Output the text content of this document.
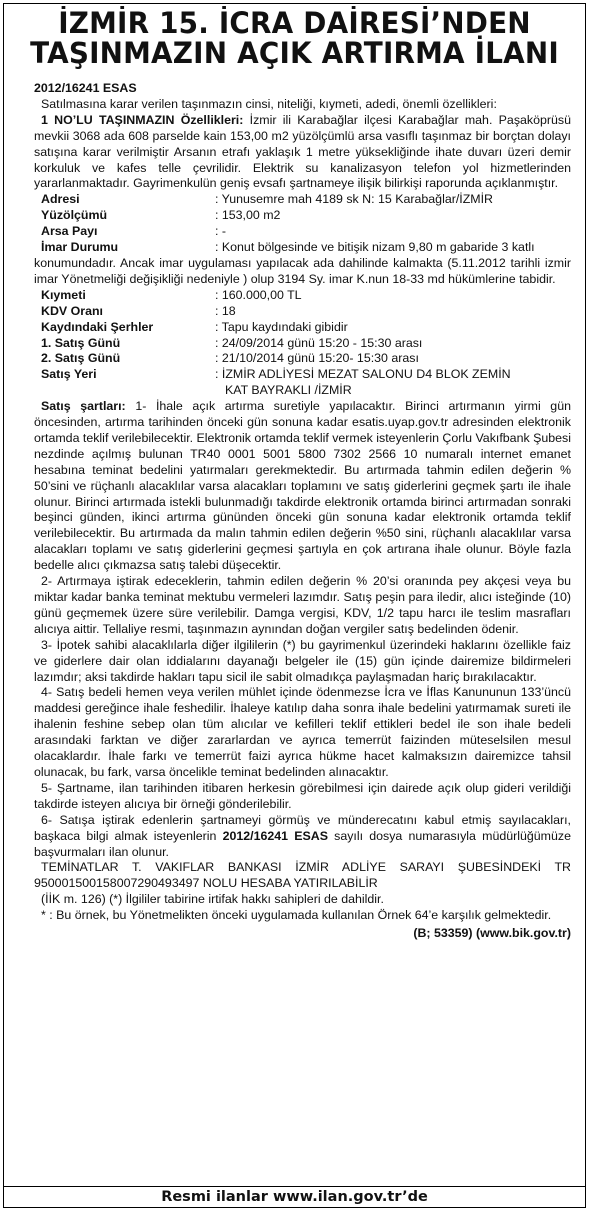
İZMİR 15. İCRA DAİRESİ’NDEN
TAŞINMAZIN AÇIK ARTIRMA İLANI

2012/16241 ESAS

Satılmasına karar verilen taşınmazın cinsi, niteliği, kıymeti, adedi, önemli özellikleri:

1 NO’LU TAŞINMAZIN Özellikleri: İzmir ili Karabağlar ilçesi Karabağlar mah. Paşaköprüsü mevkii 3068 ada 608 parselde kain 153,00 m2 yüzölçümlü arsa vasıflı taşınmaz bir borçtan dolayı satışına karar verilmiştir Arsanın etrafı yaklaşık 1 metre yüksekliğinde ihate duvarı üzeri demir korkuluk ve kafes telle çevrilidir. Elektrik su kanalizasyon telefon yol hizmetlerinden yararlanmaktadır. Gayrimenkulün geniş evsafı şartnameye ilişik bilirkişi raporunda açıklanmıştır.

Adresi	: Yunusemre mah 4189 sk N: 15 Karabağlar/İZMİR
Yüzölçümü	: 153,00 m2
Arsa Payı	: -
İmar Durumu	: Konut bölgesinde ve bitişik nizam 9,80 m gabaride 3 katlı

konumundadır. Ancak imar uygulaması yapılacak ada dahilinde kalmakta (5.11.2012 tarihli izmir imar Yönetmeliği değişikliği nedeniyle ) olup 3194 Sy. imar K.nun 18-33 md hükümlerine tabidir.

Kıymeti	: 160.000,00 TL
KDV Oranı	: 18
Kaydındaki Şerhler	: Tapu kaydındaki gibidir
1. Satış Günü	: 24/09/2014 günü 15:20 - 15:30 arası
2. Satış Günü	: 21/10/2014 günü 15:20- 15:30 arası
Satış Yeri	: İZMİR ADLİYESİ MEZAT SALONU D4 BLOK ZEMİN
KAT BAYRAKLI /İZMİR

Satış şartları: 1- İhale açık artırma suretiyle yapılacaktır. Birinci artırmanın yirmi gün öncesinden, artırma tarihinden önceki gün sonuna kadar esatis.uyap.gov.tr adresinden elektronik ortamda teklif verilebilecektir. Elektronik ortamda teklif vermek isteyenlerin Çorlu Vakıfbank Şubesi nezdinde açılmış bulunan TR40 0001 5001 5800 7302 2566 10 numaralı internet emanet hesabına teminat bedelini yatırmaları gerekmektedir. Bu artırmada tahmin edilen değerin % 50’sini ve rüçhanlı alacaklılar varsa alacakları toplamını ve satış giderlerini geçmek şartı ile ihale olunur. Birinci artırmada istekli bulunmadığı takdirde elektronik ortamda birinci artırmadan sonraki beşinci günden, ikinci artırma gününden önceki gün sonuna kadar elektronik ortamda teklif verilebilecektir. Bu artırmada da malın tahmin edilen değerin %50 sini, rüçhanlı alacaklılar varsa alacakları toplamı ve satış giderlerini geçmesi şartıyla en çok artırana ihale olunur. Böyle fazla bedelle alıcı çıkmazsa satış talebi düşecektir.

2- Artırmaya iştirak edeceklerin, tahmin edilen değerin % 20’si oranında pey akçesi veya bu miktar kadar banka teminat mektubu vermeleri lazımdır. Satış peşin para iledir, alıcı isteğinde (10) günü geçmemek üzere süre verilebilir. Damga vergisi, KDV, 1/2 tapu harcı ile teslim masrafları alıcıya aittir. Tellaliye resmi, taşınmazın aynından doğan vergiler satış bedelinden ödenir.

3- İpotek sahibi alacaklılarla diğer ilgililerin (*) bu gayrimenkul üzerindeki haklarını özellikle faiz ve giderlere dair olan iddialarını dayanağı belgeler ile (15) gün içinde dairemize bildirmeleri lazımdır; aksi takdirde hakları tapu sicil ile sabit olmadıkça paylaşmadan hariç bırakılacaktır.

4- Satış bedeli hemen veya verilen mühlet içinde ödenmezse İcra ve İflas Kanununun 133’üncü maddesi gereğince ihale feshedilir. İhaleye katılıp daha sonra ihale bedelini yatırmamak sureti ile ihalenin feshine sebep olan tüm alıcılar ve kefilleri teklif ettikleri bedel ile son ihale bedeli arasındaki farktan ve diğer zararlardan ve ayrıca temerrüt faizinden müteselsilen mesul olacaklardır. İhale farkı ve temerrüt faizi ayrıca hükme hacet kalmaksızın dairemizce tahsil olunacak, bu fark, varsa öncelikle teminat bedelinden alınacaktır.

5- Şartname, ilan tarihinden itibaren herkesin görebilmesi için dairede açık olup gideri verildiği takdirde isteyen alıcıya bir örneği gönderilebilir.

6- Satışa iştirak edenlerin şartnameyi görmüş ve münderecatını kabul etmiş sayılacakları, başkaca bilgi almak isteyenlerin 2012/16241 ESAS sayılı dosya numarasıyla müdürlüğümüze başvurmaları ilan olunur.

TEMİNATLAR T. VAKIFLAR BANKASI İZMİR ADLİYE SARAYI ŞUBESİNDEKİ TR 950001500158007290493497 NOLU HESABA YATIRILABİLİR

(İİK m. 126) (*) İlgililer tabirine irtifak hakkı sahipleri de dahildir.

* : Bu örnek, bu Yönetmelikten önceki uygulamada kullanılan Örnek 64’e karşılık gelmektedir.

(B; 53359) (www.bik.gov.tr)
Resmi ilanlar www.ilan.gov.tr’de
